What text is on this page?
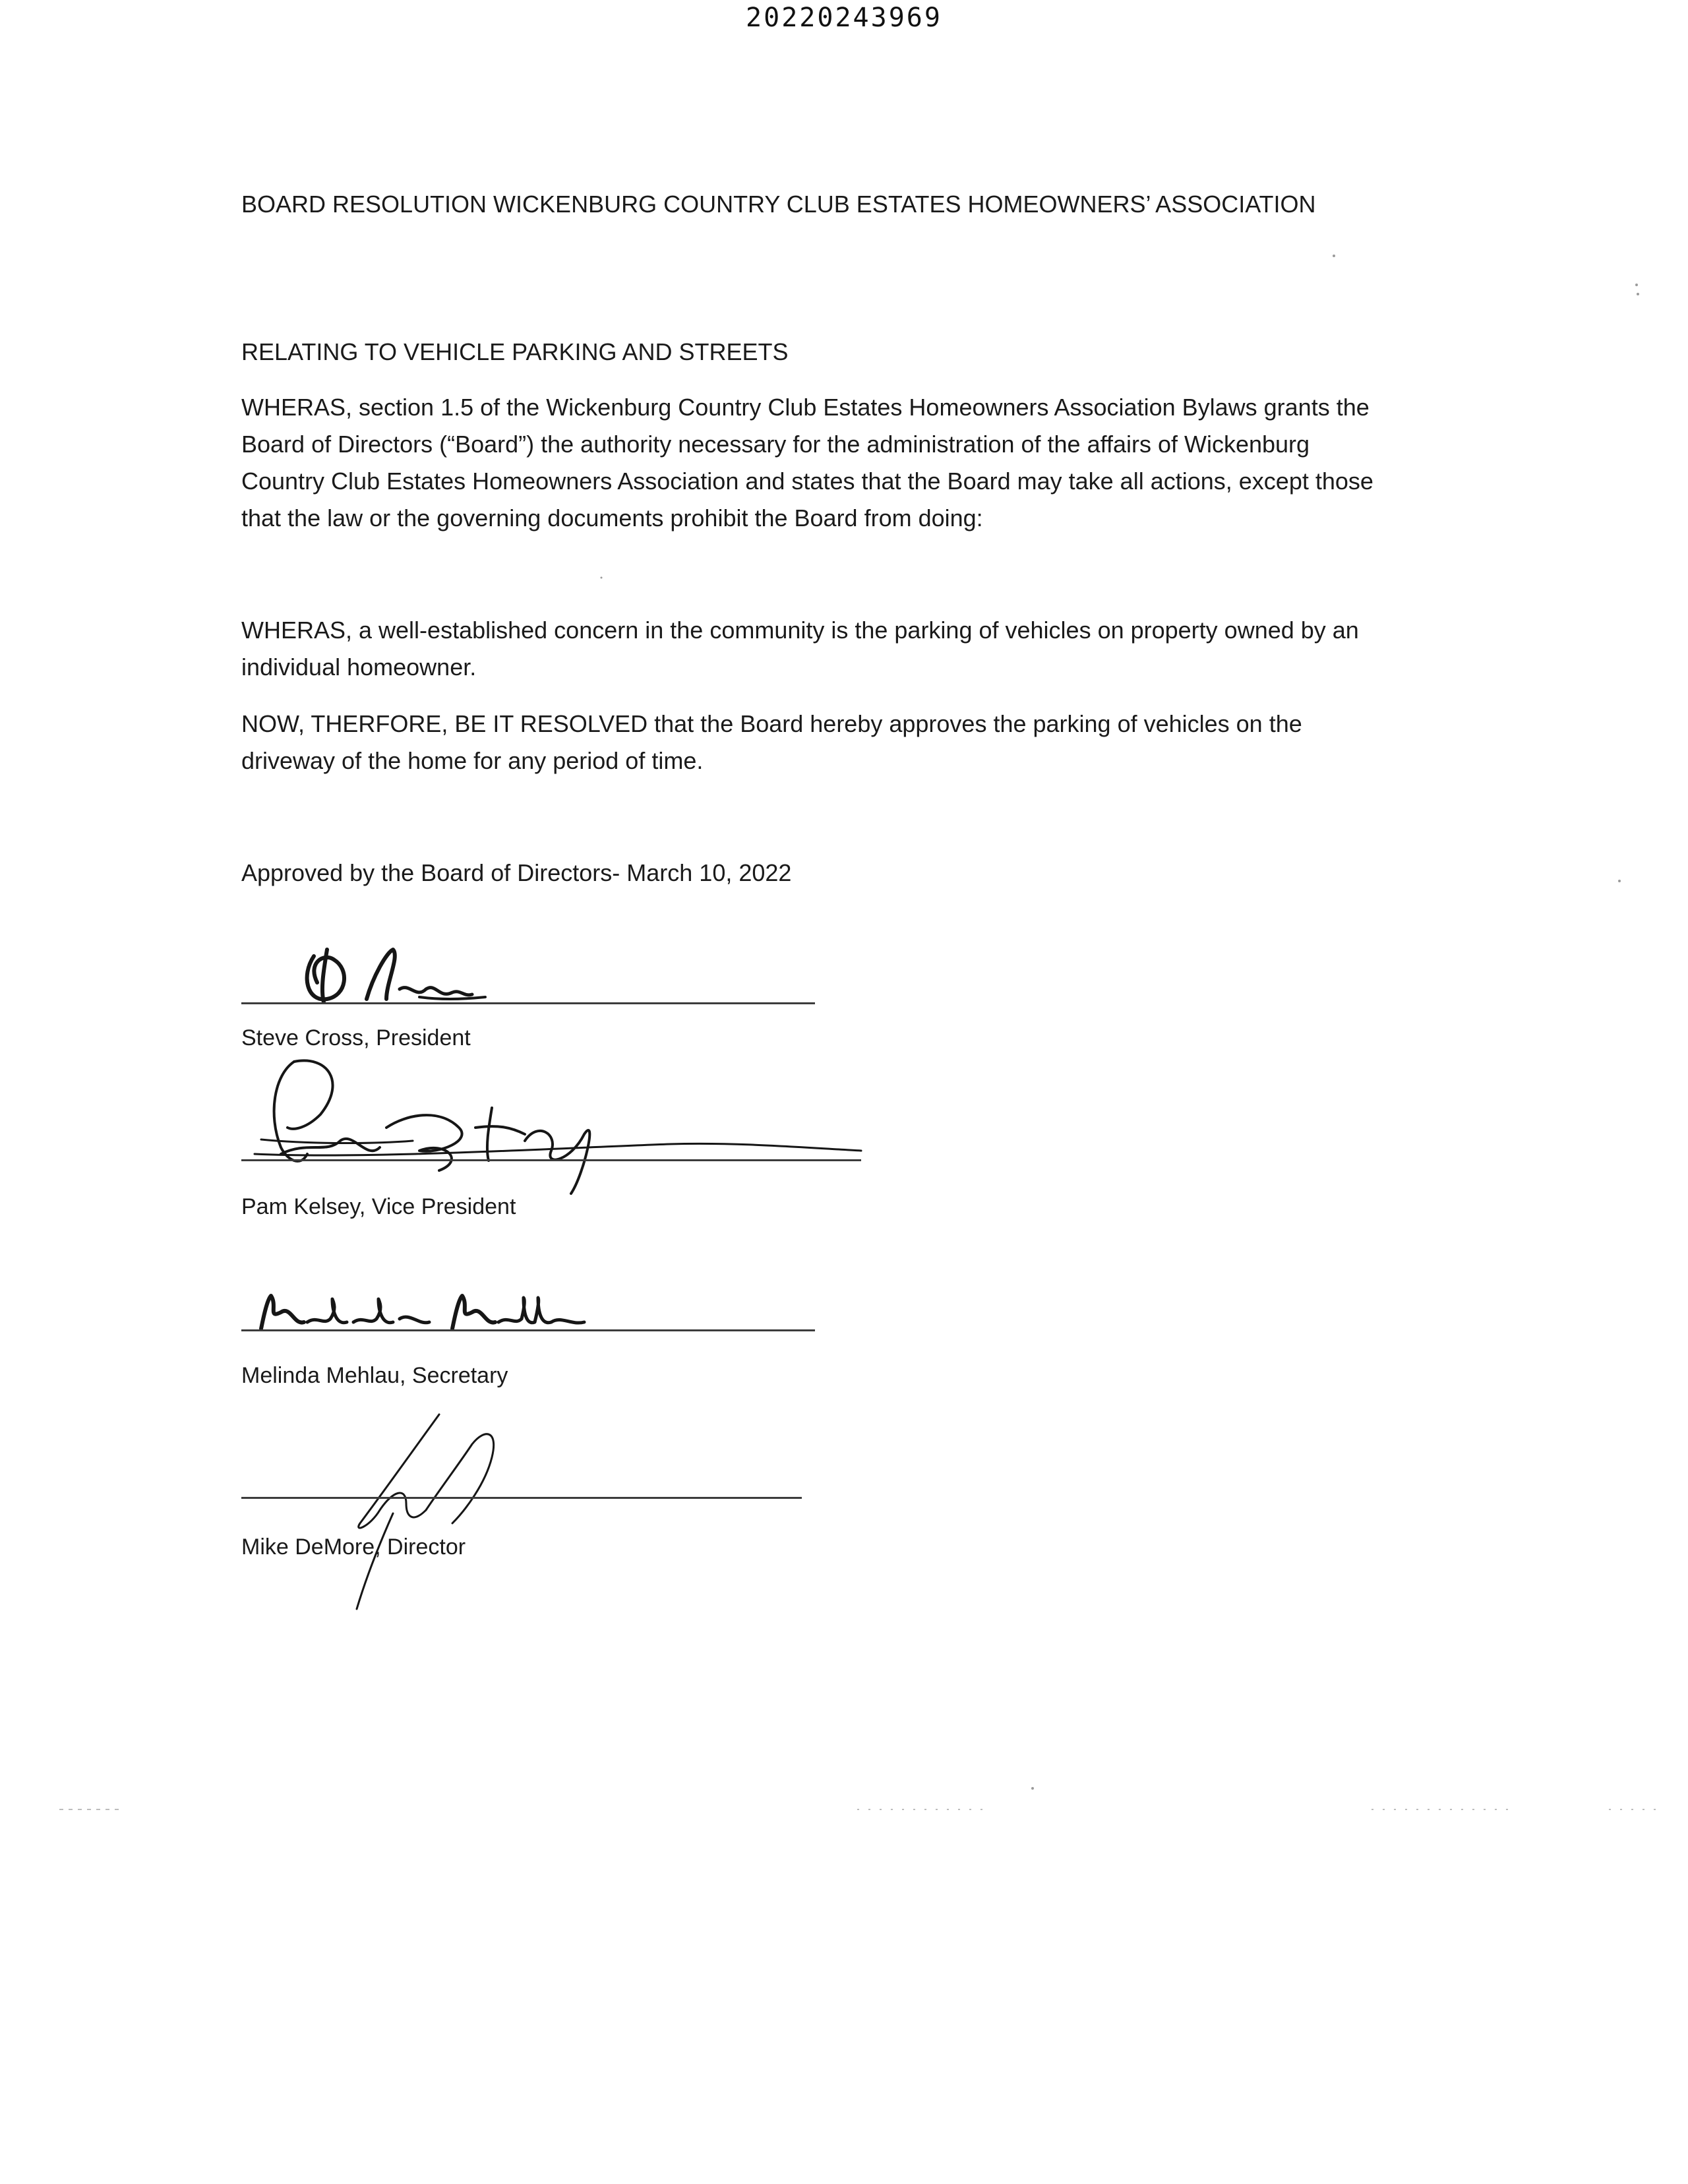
20220243969

BOARD RESOLUTION WICKENBURG COUNTRY CLUB ESTATES HOMEOWNERS’ ASSOCIATION

RELATING TO VEHICLE PARKING AND STREETS

WHERAS, section 1.5 of the Wickenburg Country Club Estates Homeowners Association Bylaws grants the Board of Directors (“Board”) the authority necessary for the administration of the affairs of Wickenburg Country Club Estates Homeowners Association and states that the Board may take all actions, except those that the law or the governing documents prohibit the Board from doing:

WHERAS, a well-established concern in the community is the parking of vehicles on property owned by an individual homeowner.

NOW, THERFORE, BE IT RESOLVED that the Board hereby approves the parking of vehicles on the driveway of the home for any period of time.

Approved by the Board of Directors- March 10, 2022

Steve Cross, President
Pam Kelsey, Vice President
Melinda Mehlau, Secretary
Mike DeMore, Director
